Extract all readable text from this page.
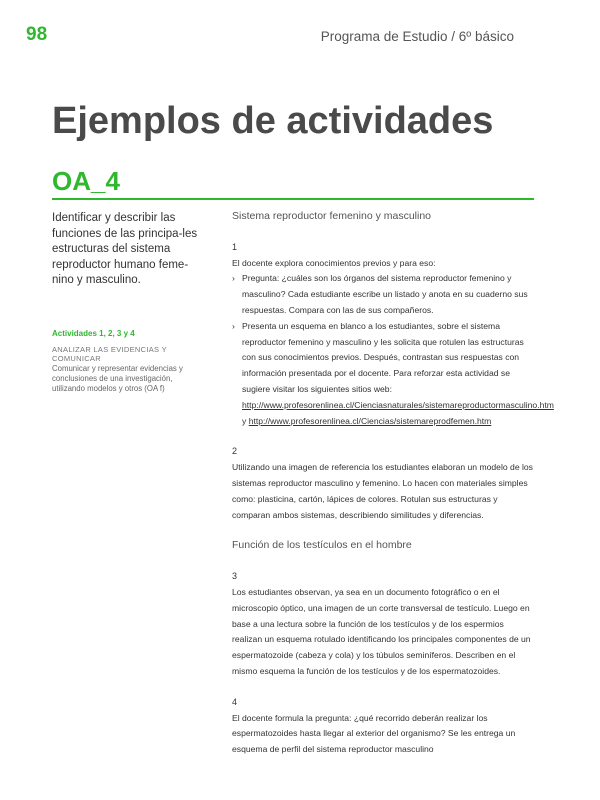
98	Programa de Estudio / 6º básico
Ejemplos de actividades
OA_4

Identificar y describir las funciones de las principa-les estructuras del sistema reproductor humano feme-nino y masculino.

Actividades 1, 2, 3 y 4
ANALIZAR LAS EVIDENCIAS Y COMUNICAR
Comunicar y representar evidencias y conclusiones de una investigación, utilizando modelos y otros (OA f)

Sistema reproductor femenino y masculino

1

El docente explora conocimientos previos y para eso:

› Pregunta: ¿cuáles son los órganos del sistema reproductor femenino y masculino? Cada estudiante escribe un listado y anota en su cuaderno sus respuestas. Compara con las de sus compañeros.

› Presenta un esquema en blanco a los estudiantes, sobre el sistema reproductor femenino y masculino y les solicita que rotulen las estructuras con sus conocimientos previos. Después, contrastan sus respuestas con información presentada por el docente. Para reforzar esta actividad se sugiere visitar los siguientes sitios web: http://www.profesorenlinea.cl/Cienciasnaturales/sistemareproductormasculino.htm y http://www.profesorenlinea.cl/Ciencias/sistemareprodfemen.htm

2

Utilizando una imagen de referencia los estudiantes elaboran un modelo de los sistemas reproductor masculino y femenino. Lo hacen con materiales simples como: plasticina, cartón, lápices de colores. Rotulan sus estructuras y comparan ambos sistemas, describiendo similitudes y diferencias.

Función de los testículos en el hombre

3

Los estudiantes observan, ya sea en un documento fotográfico o en el microscopio óptico, una imagen de un corte transversal de testículo. Luego en base a una lectura sobre la función de los testículos y de los espermios realizan un esquema rotulado identificando los principales componentes de un espermatozoide (cabeza y cola) y los túbulos seminíferos. Describen en el mismo esquema la función de los testículos y de los espermatozoides.

4

El docente formula la pregunta: ¿qué recorrido deberán realizar los espermatozoides hasta llegar al exterior del organismo? Se les entrega un esquema de perfil del sistema reproductor masculino
